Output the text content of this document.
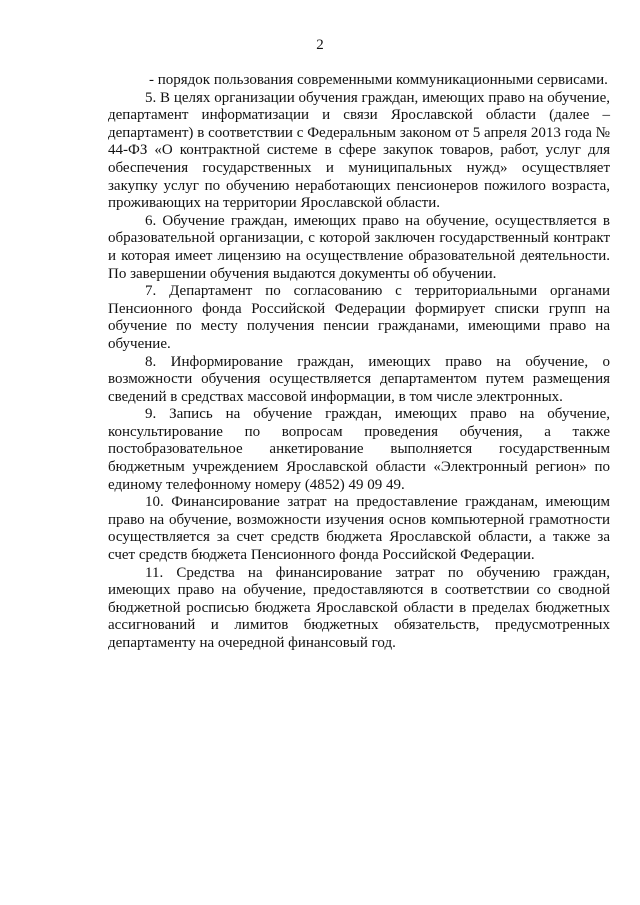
2

- порядок пользования современными коммуникационными сервисами.

5. В целях организации обучения граждан, имеющих право на обучение, департамент информатизации и связи Ярославской области (далее – департамент) в соответствии с Федеральным законом от 5 апреля 2013 года № 44-ФЗ «О контрактной системе в сфере закупок товаров, работ, услуг для обеспечения государственных и муниципальных нужд» осуществляет закупку услуг по обучению неработающих пенсионеров пожилого возраста, проживающих на территории Ярославской области.

6. Обучение граждан, имеющих право на обучение, осуществляется в образовательной организации, с которой заключен государственный контракт и которая имеет лицензию на осуществление образовательной деятельности. По завершении обучения выдаются документы об обучении.

7. Департамент по согласованию с территориальными органами Пенсионного фонда Российской Федерации формирует списки групп на обучение по месту получения пенсии гражданами, имеющими право на обучение.

8. Информирование граждан, имеющих право на обучение, о возможности обучения осуществляется департаментом путем размещения сведений в средствах массовой информации, в том числе электронных.

9. Запись на обучение граждан, имеющих право на обучение, консультирование по вопросам проведения обучения, а также постобразовательное анкетирование выполняется государственным бюджетным учреждением Ярославской области «Электронный регион» по единому телефонному номеру (4852) 49 09 49.

10. Финансирование затрат на предоставление гражданам, имеющим право на обучение, возможности изучения основ компьютерной грамотности осуществляется за счет средств бюджета Ярославской области, а также за счет средств бюджета Пенсионного фонда Российской Федерации.

11. Средства на финансирование затрат по обучению граждан, имеющих право на обучение, предоставляются в соответствии со сводной бюджетной росписью бюджета Ярославской области в пределах бюджетных ассигнований и лимитов бюджетных обязательств, предусмотренных департаменту на очередной финансовый год.
